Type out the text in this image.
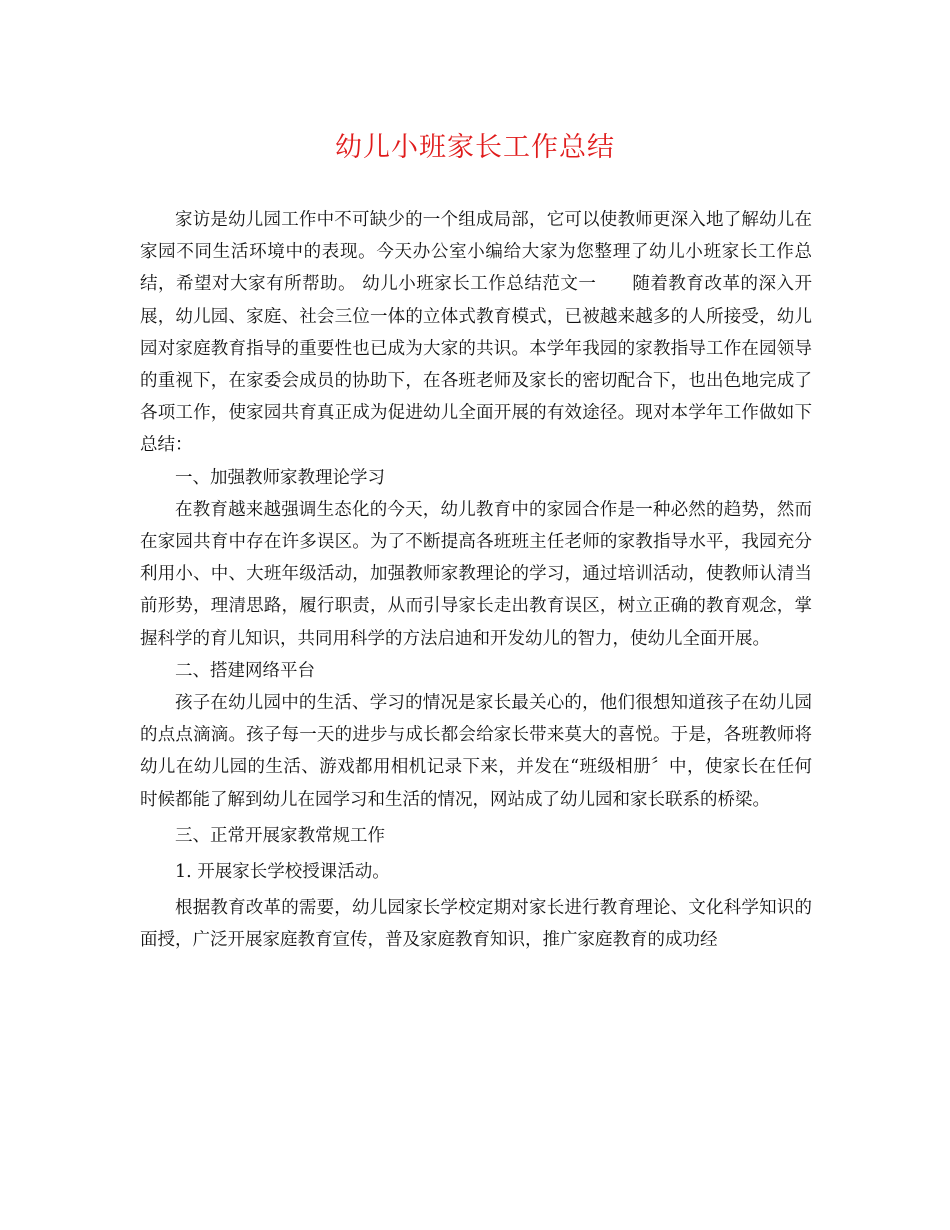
幼儿小班家长工作总结

家访是幼儿园工作中不可缺少的一个组成局部，它可以使教师更深入地了解幼儿在家园不同生活环境中的表现。今天办公室小编给大家为您整理了幼儿小班家长工作总结，希望对大家有所帮助。 幼儿小班家长工作总结范文一　　随着教育改革的深入开展，幼儿园、家庭、社会三位一体的立体式教育模式，已被越来越多的人所接受，幼儿园对家庭教育指导的重要性也已成为大家的共识。本学年我园的家教指导工作在园领导的重视下，在家委会成员的协助下，在各班老师及家长的密切配合下，也出色地完成了各项工作，使家园共育真正成为促进幼儿全面开展的有效途径。现对本学年工作做如下总结：

一、加强教师家教理论学习

在教育越来越强调生态化的今天，幼儿教育中的家园合作是一种必然的趋势，然而在家园共育中存在许多误区。为了不断提高各班班主任老师的家教指导水平，我园充分利用小、中、大班年级活动，加强教师家教理论的学习，通过培训活动，使教师认清当前形势，理清思路，履行职责，从而引导家长走出教育误区，树立正确的教育观念，掌握科学的育儿知识，共同用科学的方法启迪和开发幼儿的智力，使幼儿全面开展。

二、搭建网络平台

孩子在幼儿园中的生活、学习的情况是家长最关心的，他们很想知道孩子在幼儿园的点点滴滴。孩子每一天的进步与成长都会给家长带来莫大的喜悦。于是，各班教师将幼儿在幼儿园的生活、游戏都用相机记录下来，并发在“班级相册〞中，使家长在任何时候都能了解到幼儿在园学习和生活的情况，网站成了幼儿园和家长联系的桥梁。

三、正常开展家教常规工作

1. 开展家长学校授课活动。

根据教育改革的需要，幼儿园家长学校定期对家长进行教育理论、文化科学知识的面授，广泛开展家庭教育宣传，普及家庭教育知识，推广家庭教育的成功经
